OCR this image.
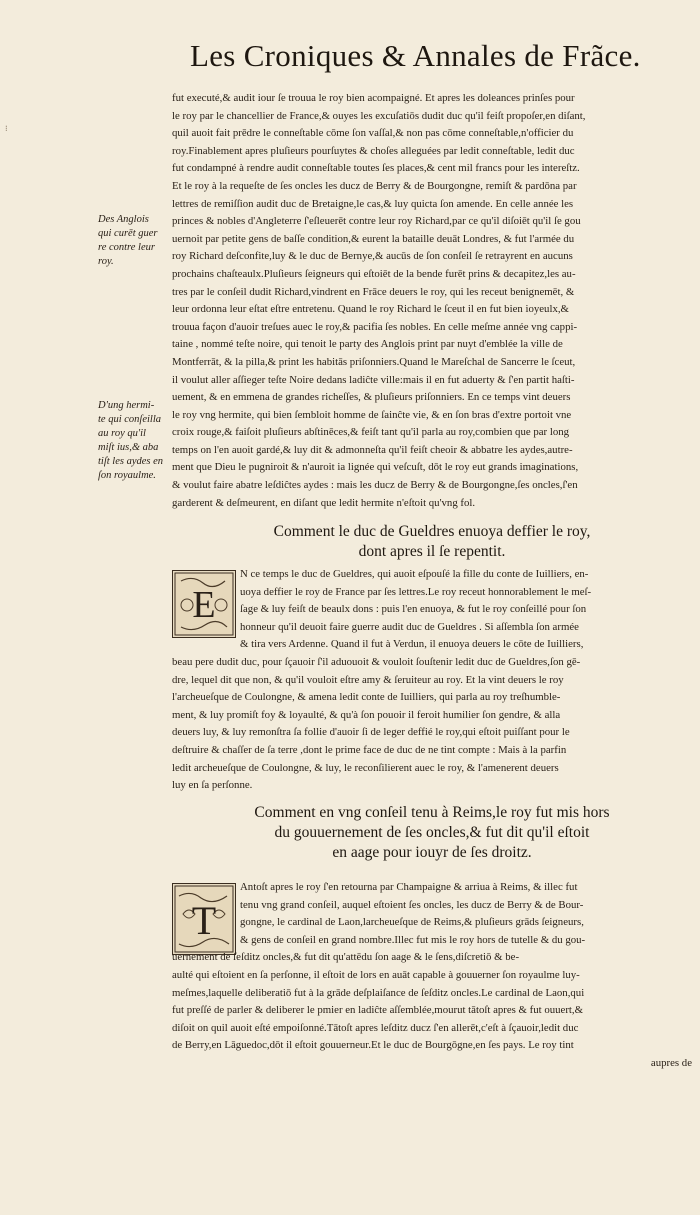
Les Croniques & Annales de Frãce.
⁝
fut executé,& audit iour ſe trouua le roy bien acompaigné. Et apres les doleances prinſes pour
le roy par le chancellier de France,& ouyes les excuſatiōs dudit duc qu'il feiſt propoſer,en diſant,
quil auoit fait prēdre le conneſtable cōme ſon vaſſal,& non pas cōme conneſtable,n'officier du
roy.Finablement apres pluſieurs pourſuytes & choſes alleguées par ledit conneſtable, ledit duc
fut condampné à rendre audit conneſtable toutes ſes places,& cent mil francs pour les intereſtz.
Et le roy à la requeſte de ſes oncles les ducz de Berry & de Bourgongne, remiſt & pardōna par
lettres de remiſſion audit duc de Bretaigne,le cas,& luy quicta ſon amende. En celle année les
princes & nobles d'Angleterre ſ'eſleuerēt contre leur roy Richard,par ce qu'il diſoiēt qu'il ſe gou
uernoit par petite gens de baſſe condition,& eurent la bataille deuāt Londres, & fut l'armée du
roy Richard deſconfite,luy & le duc de Bernye,& aucūs de ſon conſeil ſe retrayrent en aucuns
prochains chaſteaulx.Pluſieurs ſeigneurs qui eſtoiēt de la bende furēt prins & decapitez,les au-
tres par le conſeil dudit Richard,vindrent en Frāce deuers le roy, qui les receut benignemēt, &
leur ordonna leur eſtat eſtre entretenu. Quand le roy Richard le ſceut il en fut bien ioyeulx,&
trouua façon d'auoir treſues auec le roy,& pacifia ſes nobles. En celle meſme année vng cappi-
taine , nommé teſte noire, qui tenoit le party des Anglois print par nuyt d'emblée la ville de
Montferrāt, & la pilla,& print les habitās priſonniers.Quand le Mareſchal de Sancerre le ſceut,
il voulut aller aſſieger teſte Noire dedans ladiĉte ville:mais il en fut aduerty & ſ'en partit haſti-
uement, & en emmena de grandes richeſſes, & pluſieurs priſonniers. En ce temps vint deuers
le roy vng hermite, qui bien ſembloit homme de ſainĉte vie, & en ſon bras d'extre portoit vne
croix rouge,& faiſoit pluſieurs abſtinēces,& feiſt tant qu'il parla au roy,combien que par long
temps on l'en auoit gardé,& luy dit & admonneſta qu'il feiſt cheoir & abbatre les aydes,autre-
ment que Dieu le pugniroit & n'auroit ia lignée qui veſcuſt, dōt le roy eut grands imaginations,
& voulut faire abatre leſdiĉtes aydes : mais les ducz de Berry & de Bourgongne,ſes oncles,ſ'en
garderent & deſmeurent, en diſant que ledit hermite n'eſtoit qu'vng fol.
Des Anglois
qui curēt guer
re contre leur
roy.
D'ung hermi-
te qui conſeilla
au roy qu'il
miſt ius,& aba
tiſt les aydes en
ſon royaulme.
Comment le duc de Gueldres enuoya deffier le roy,
dont apres il ſe repentit.
E
N ce temps le duc de Gueldres, qui auoit eſpouſé la fille du conte de Iuilliers, en-
uoya deffier le roy de France par ſes lettres.Le roy receut honnorablement le meſ-
ſage & luy feiſt de beaulx dons : puis l'en enuoya, & fut le roy conſeillé pour ſon
honneur qu'il deuoit faire guerre audit duc de Gueldres . Si aſſembla ſon armée
& tira vers Ardenne. Quand il fut à Verdun, il enuoya deuers le cōte de Iuilliers,
beau pere dudit duc, pour ſçauoir ſ'il aduouoit & vouloit ſouſtenir ledit duc de Gueldres,ſon gē-
dre, lequel dit que non, & qu'il vouloit eſtre amy & ſeruiteur au roy. Et la vint deuers le roy
l'archeueſque de Coulongne, & amena ledit conte de Iuilliers, qui parla au roy treſhumble-
ment, & luy promiſt foy & loyaulté, & qu'à ſon pouoir il feroit humilier ſon gendre, & alla
deuers luy, & luy remonſtra ſa follie d'auoir ſi de leger deffié le roy,qui eſtoit puiſſant pour le
deſtruire & chaſſer de ſa terre ,dont le prime face de duc de ne tint compte : Mais à la parfin
ledit archeueſque de Coulongne, & luy, le reconſilierent auec le roy, & l'amenerent deuers
luy en ſa perſonne.
Comment en vng conſeil tenu à Reims,le roy fut mis hors
du gouuernement de ſes oncles,& fut dit qu'il eſtoit
en aage pour iouyr de ſes droitz.
T
Antoſt apres le roy ſ'en retourna par Champaigne & arriua à Reims, & illec fut
tenu vng grand conſeil, auquel eſtoient ſes oncles, les ducz de Berry & de Bour-
gongne, le cardinal de Laon,larcheueſque de Reims,& pluſieurs grāds ſeigneurs,
& gens de conſeil en grand nombre.Illec fut mis le roy hors de tutelle & du gou-
uernement de ſeſditz oncles,& fut dit qu'attēdu ſon aage & le ſens,diſcretiō & be-
aulté qui eſtoient en ſa perſonne, il eſtoit de lors en auāt capable à gouuerner ſon royaulme luy-
meſmes,laquelle deliberatiō fut à la grāde deſplaiſance de ſeſditz oncles.Le cardinal de Laon,qui
fut preſſé de parler & deliberer le pmier en ladiĉte aſſemblée,mourut tātoſt apres & fut ouuert,&
diſoit on quil auoit eſté empoiſonné.Tātoſt apres leſditz ducz ſ'en allerēt,c'eſt à ſçauoir,ledit duc
de Berry,en Lāguedoc,dōt il eſtoit gouuerneur.Et le duc de Bourgōgne,en ſes pays. Le roy tint
aupres de
